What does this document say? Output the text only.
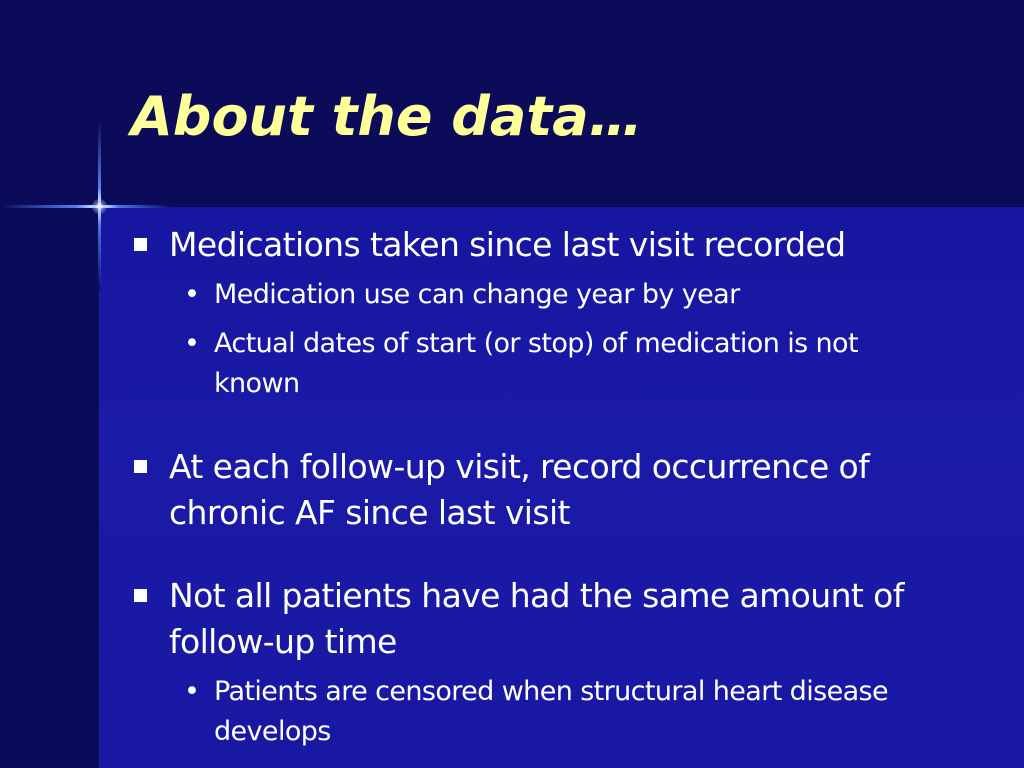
About the data…
Medications taken since last visit recorded
• Medication use can change year by year
• Actual dates of start (or stop) of medication is not known
At each follow-up visit, record occurrence of chronic AF since last visit
Not all patients have had the same amount of follow-up time
• Patients are censored when structural heart disease develops
